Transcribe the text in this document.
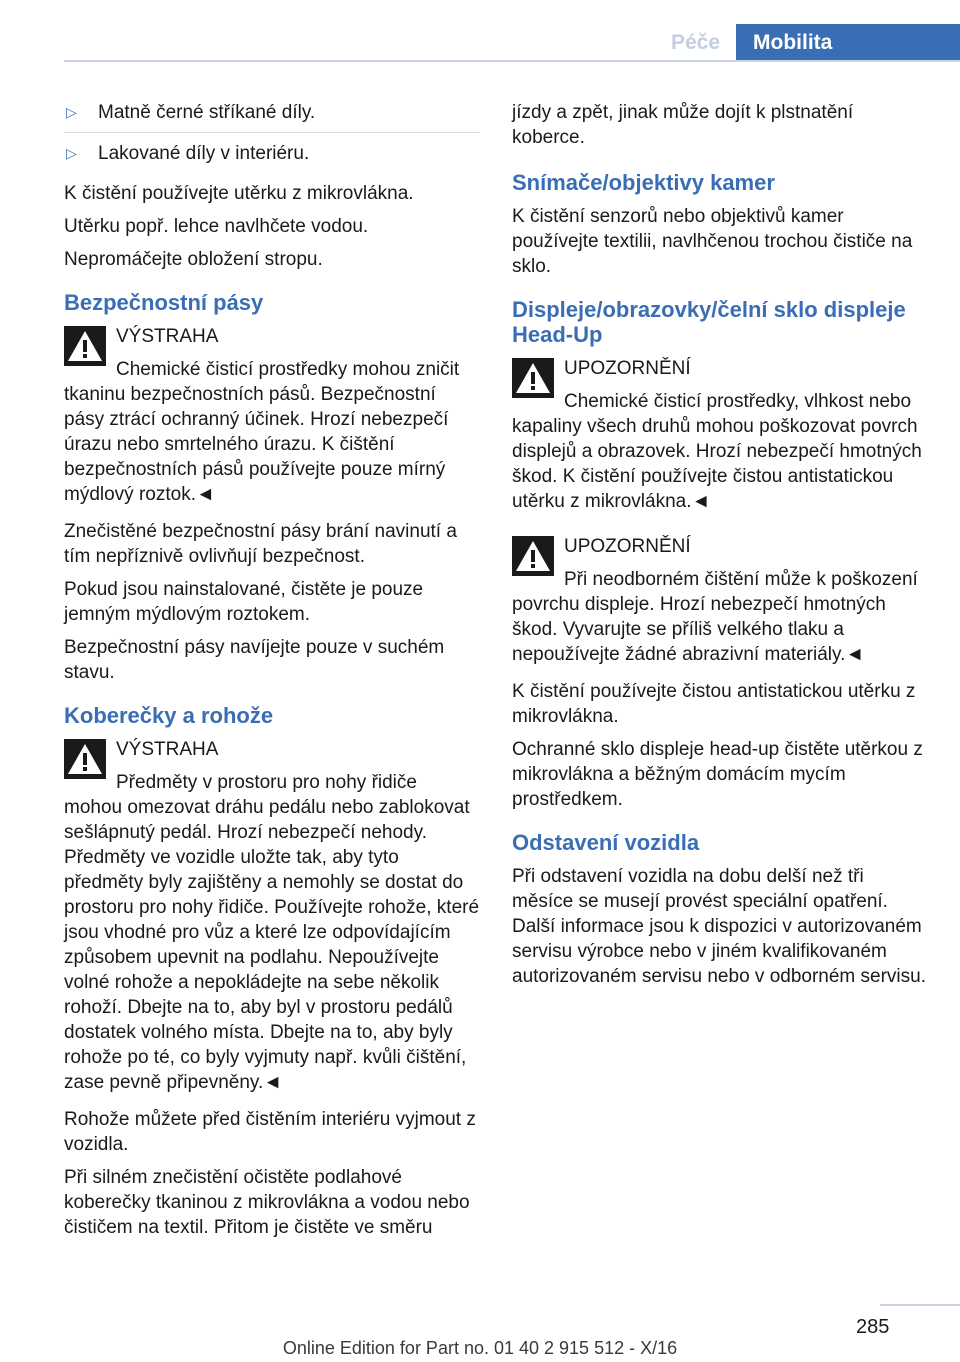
Péče	Mobilita
▷ Matně černé stříkané díly.
▷ Lakované díly v interiéru.

K čistění používejte utěrku z mikrovlákna.

Utěrku popř. lehce navlhčete vodou.

Nepromáčejte obložení stropu.

Bezpečnostní pásy
VÝSTRAHA
Chemické čisticí prostředky mohou zničit tkaninu bezpečnostních pásů. Bezpečnostní pásy ztrácí ochranný účinek. Hrozí nebezpečí úrazu nebo smrtelného úrazu. K čištění bezpečnostních pásů používejte pouze mírný mýdlový roztok.◄

Znečistěné bezpečnostní pásy brání navinutí a tím nepříznivě ovlivňují bezpečnost.

Pokud jsou nainstalované, čistěte je pouze jemným mýdlovým roztokem.

Bezpečnostní pásy navíjejte pouze v suchém stavu.

Koberečky a rohože
VÝSTRAHA
Předměty v prostoru pro nohy řidiče mohou omezovat dráhu pedálu nebo zablokovat sešlápnutý pedál. Hrozí nebezpečí nehody. Předměty ve vozidle uložte tak, aby tyto předměty byly zajištěny a nemohly se dostat do prostoru pro nohy řidiče. Používejte rohože, které jsou vhodné pro vůz a které lze odpovídajícím způsobem upevnit na podlahu. Nepoužívejte volné rohože a nepokládejte na sebe několik rohoží. Dbejte na to, aby byl v prostoru pedálů dostatek volného místa. Dbejte na to, aby byly rohože po té, co byly vyjmuty např. kvůli čištění, zase pevně připevněny.◄

Rohože můžete před čistěním interiéru vyjmout z vozidla.

Při silném znečistění očistěte podlahové koberečky tkaninou z mikrovlákna a vodou nebo čističem na textil. Přitom je čistěte ve směru

jízdy a zpět, jinak může dojít k plstnatění koberce.

Snímače/objektivy kamer

K čistění senzorů nebo objektivů kamer používejte textilii, navlhčenou trochou čističe na sklo.

Displeje/obrazovky/čelní sklo displeje Head-Up
UPOZORNĚNÍ
Chemické čisticí prostředky, vlhkost nebo kapaliny všech druhů mohou poškozovat povrch displejů a obrazovek. Hrozí nebezpečí hmotných škod. K čistění používejte čistou antistatickou utěrku z mikrovlákna.◄
UPOZORNĚNÍ
Při neodborném čištění může k poškození povrchu displeje. Hrozí nebezpečí hmotných škod. Vyvarujte se příliš velkého tlaku a nepoužívejte žádné abrazivní materiály.◄

K čistění používejte čistou antistatickou utěrku z mikrovlákna.

Ochranné sklo displeje head-up čistěte utěrkou z mikrovlákna a běžným domácím mycím prostředkem.

Odstavení vozidla

Při odstavení vozidla na dobu delší než tři měsíce se musejí provést speciální opatření. Další informace jsou k dispozici v autorizovaném servisu výrobce nebo v jiném kvalifikovaném autorizovaném servisu nebo v odborném servisu.

285
Online Edition for Part no. 01 40 2 915 512 - X/16
